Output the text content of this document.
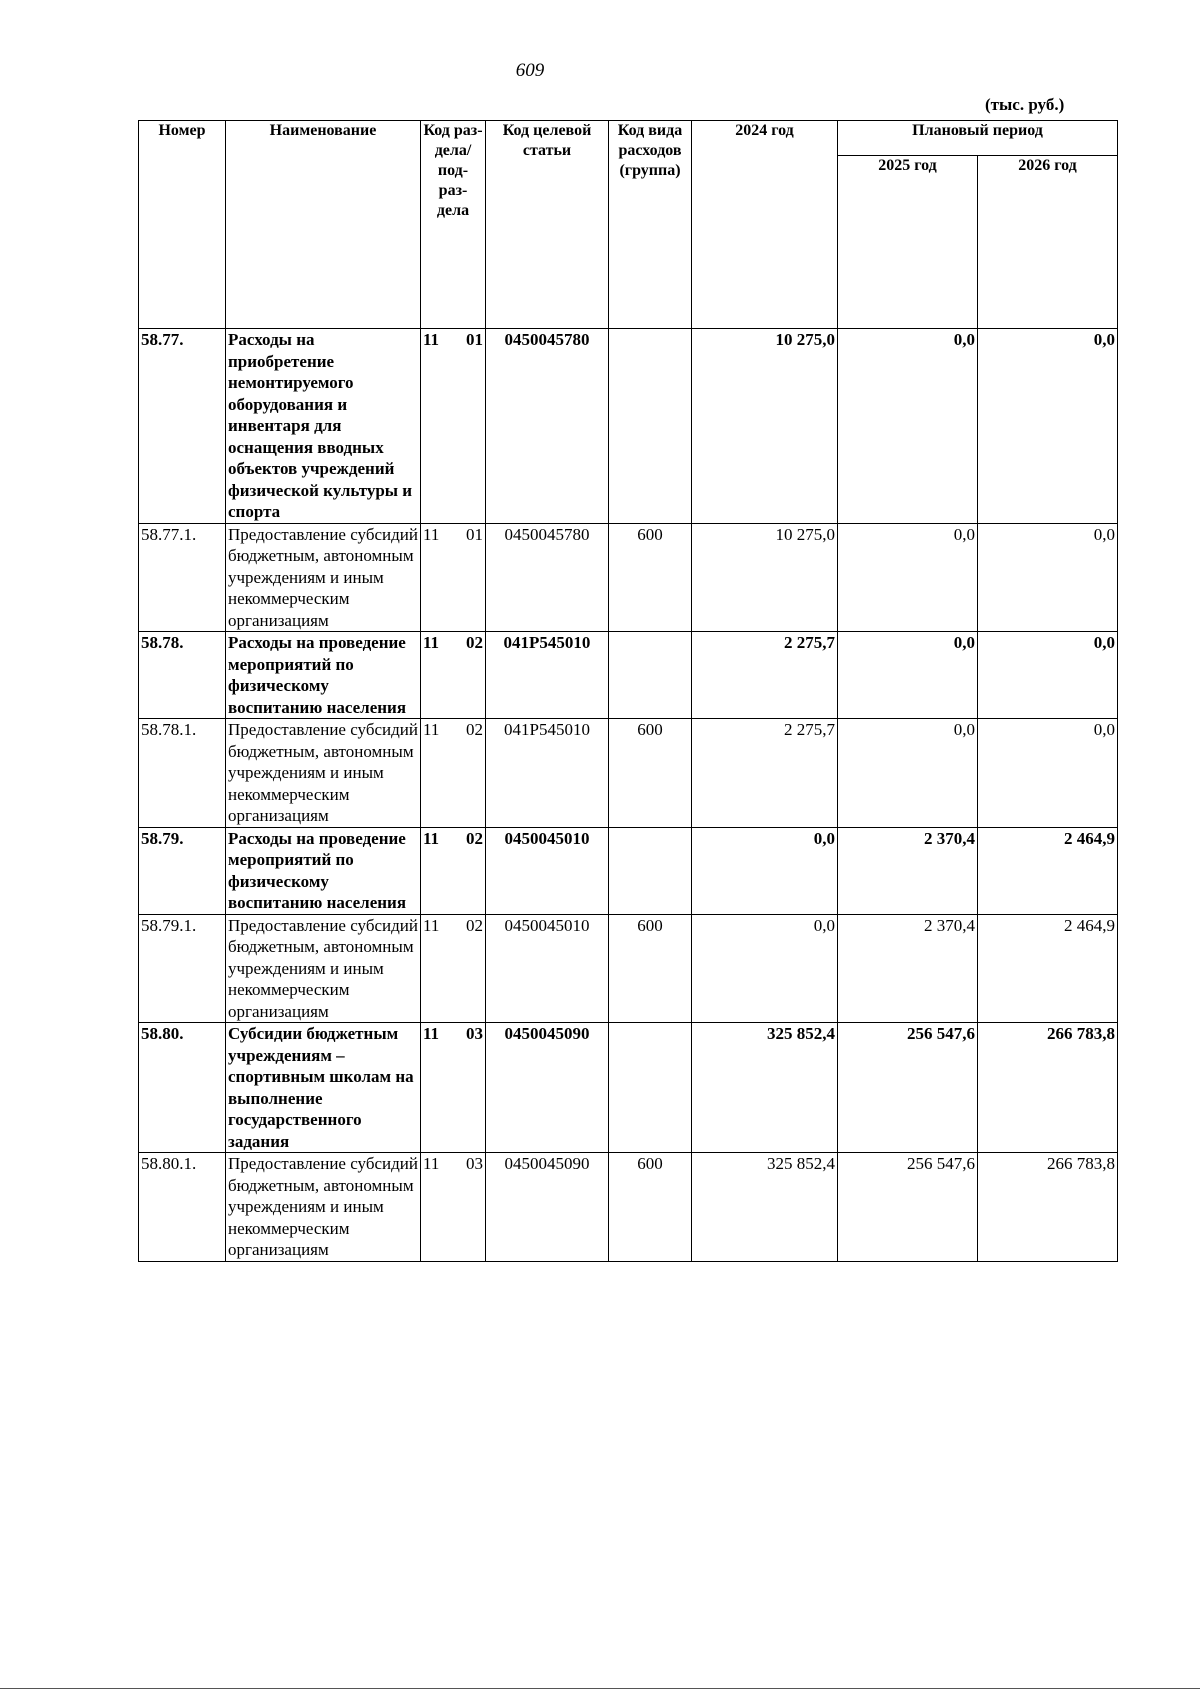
609
(тыс. руб.)
Номер	Наименование	Код раз- дела/ под- раз- дела	Код целевой статьи	Код вида расходов (группа)	2024 год	Плановый период	
						2025 год	2026 год
58.77.	Расходы на приобретение немонтируемого оборудования и инвентаря для оснащения вводных объектов учреждений физической культуры и спорта	11 01	0450045780		10 275,0	0,0	0,0
58.77.1.	Предоставление субсидий бюджетным, автономным учреждениям и иным некоммерческим организациям	11 01	0450045780	600	10 275,0	0,0	0,0
58.78.	Расходы на проведение мероприятий по физическому воспитанию населения	11 02	041Р545010		2 275,7	0,0	0,0
58.78.1.	Предоставление субсидий бюджетным, автономным учреждениям и иным некоммерческим организациям	11 02	041Р545010	600	2 275,7	0,0	0,0
58.79.	Расходы на проведение мероприятий по физическому воспитанию населения	11 02	0450045010		0,0	2 370,4	2 464,9
58.79.1.	Предоставление субсидий бюджетным, автономным учреждениям и иным некоммерческим организациям	11 02	0450045010	600	0,0	2 370,4	2 464,9
58.80.	Субсидии бюджетным учреждениям – спортивным школам на выполнение государственного задания	11 03	0450045090		325 852,4	256 547,6	266 783,8
58.80.1.	Предоставление субсидий бюджетным, автономным учреждениям и иным некоммерческим организациям	11 03	0450045090	600	325 852,4	256 547,6	266 783,8
